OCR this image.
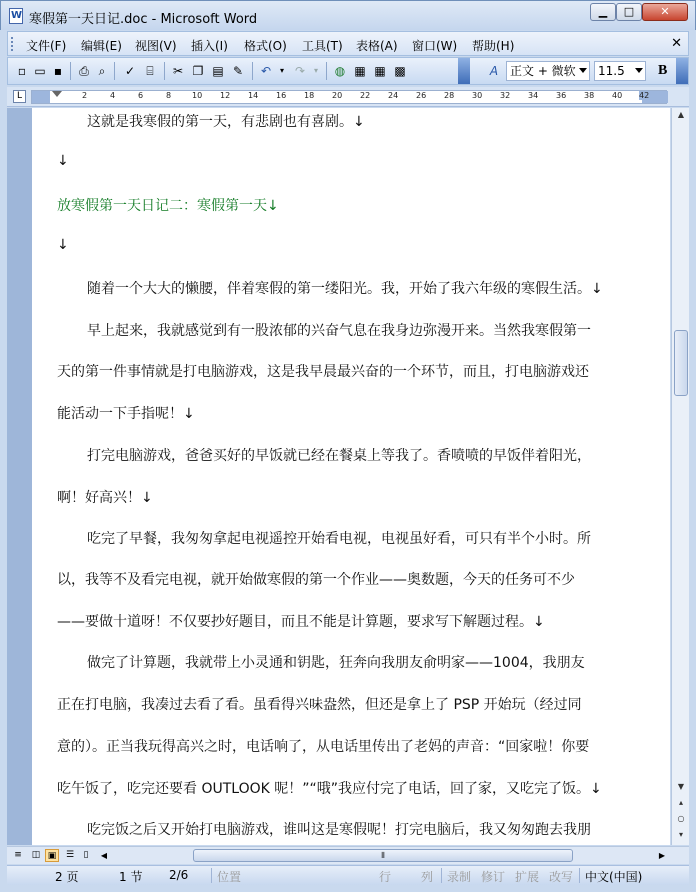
W
寒假第一天日记.doc - Microsoft Word
▁	□	✕
文件(F) 编辑(E) 视图(V) 插入(I) 格式(O) 工具(T) 表格(A) 窗口(W) 帮助(H)	✕
▫ ▭ ▪	⎙ ⌕	✓ ⌸	✂ ❐ ▤ ✎ ↶	▾ ↷	▾	◍ ▦ ▦ ▩	A 正文 + 微软	11.5	B
L	2	4	6	8	10 12 14 16 18 20 22 24 26 28 30 32 34 36 38 40 42
这就是我寒假的第一天，有悲剧也有喜剧。↓
↓
放寒假第一天日记二：寒假第一天↓
↓
随着一个大大的懒腰，伴着寒假的第一缕阳光。我，开始了我六年级的寒假生活。↓
早上起来，我就感觉到有一股浓郁的兴奋气息在我身边弥漫开来。当然我寒假第一
天的第一件事情就是打电脑游戏，这是我早晨最兴奋的一个环节，而且，打电脑游戏还
能活动一下手指呢！↓
打完电脑游戏，爸爸买好的早饭就已经在餐桌上等我了。香喷喷的早饭伴着阳光，
啊！好高兴！↓
吃完了早餐，我匆匆拿起电视遥控开始看电视，电视虽好看，可只有半个小时。所
以，我等不及看完电视，就开始做寒假的第一个作业——奥数题，今天的任务可不少
——要做十道呀！不仅要抄好题目，而且不能是计算题，要求写下解题过程。↓
做完了计算题，我就带上小灵通和钥匙，狂奔向我朋友俞明家——1004，我朋友
正在打电脑，我凑过去看了看。虽看得兴味盎然，但还是拿上了 PSP 开始玩（经过同
意的）。正当我玩得高兴之时，电话响了，从电话里传出了老妈的声音：“回家啦！你要
吃午饭了，吃完还要看 OUTLOOK 呢！”“哦”我应付完了电话，回了家，又吃完了饭。↓
吃完饭之后又开始打电脑游戏，谁叫这是寒假呢！打完电脑后，我又匆匆跑去我朋
▲
▼
▴
○
▾
≡	◫ ▣	☰	▯	◀	⦀	▶
2 页	1 节 2/6 位置	行 列 录制 修订 扩展 改写 中文(中国)
